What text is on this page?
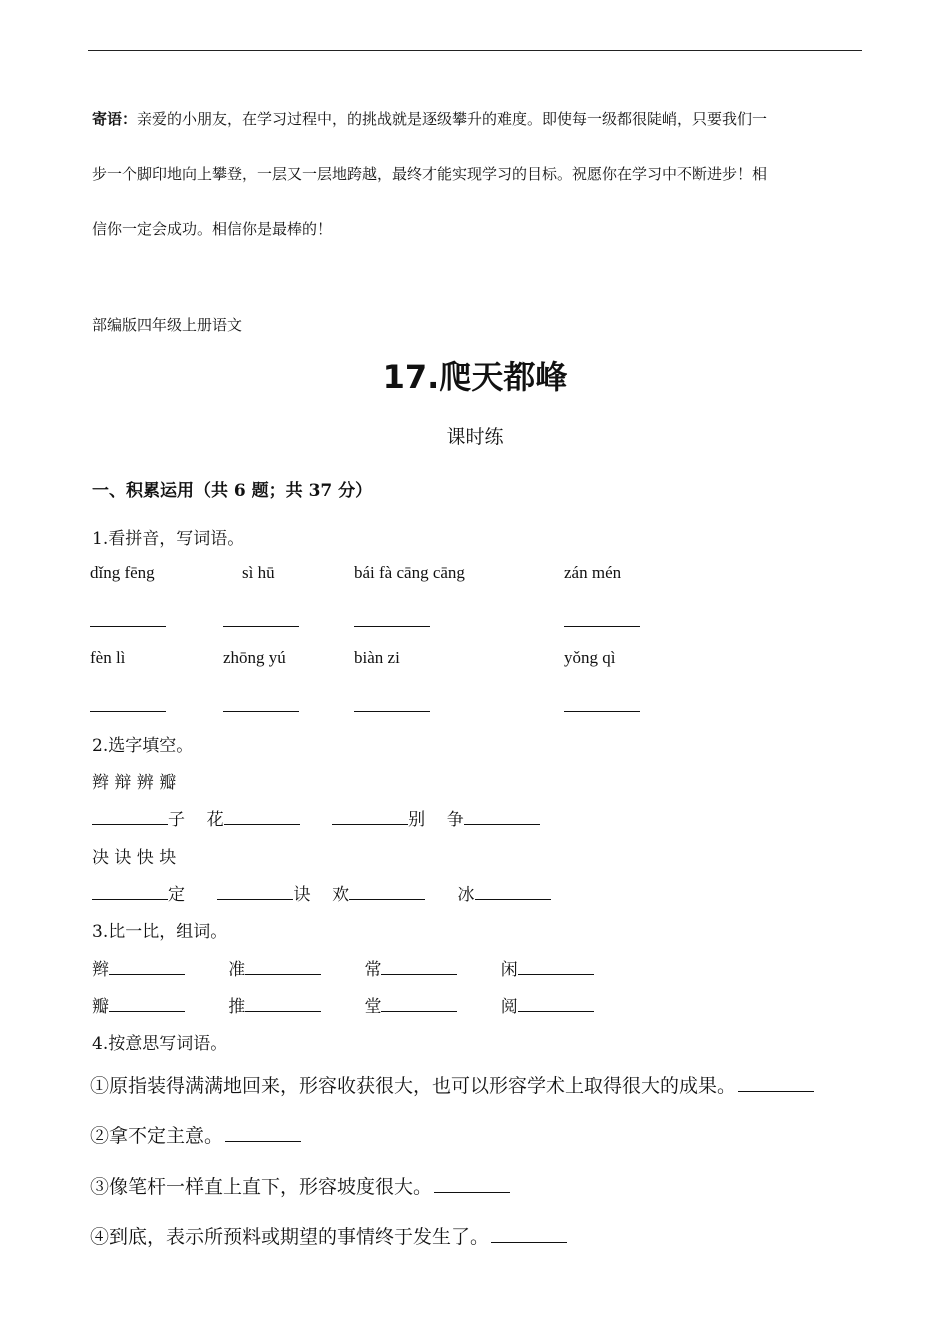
寄语：亲爱的小朋友，在学习过程中，的挑战就是逐级攀升的难度。即使每一级都很陡峭，只要我们一
步一个脚印地向上攀登，一层又一层地跨越，最终才能实现学习的目标。祝愿你在学习中不断进步！相
信你一定会成功。相信你是最棒的！
部编版四年级上册语文
17.爬天都峰
课时练
一、积累运用（共 6 题；共 37 分）
1.看拼音，写词语。
dǐng fēng	sì hū	bái fà cāng cāng	zán mén
fèn lì	zhōng yú	biàn zi	yǒng qì
2.选字填空。
辫 辩 辨 瓣
子 花	别 争
决 诀 快 块
定	诀 欢	冰
3.比一比，组词。
辫	准	常	闲
瓣	推	堂	阅
4.按意思写词语。
①原指装得满满地回来，形容收获很大，也可以形容学术上取得很大的成果。
②拿不定主意。
③像笔杆一样直上直下，形容坡度很大。
④到底，表示所预料或期望的事情终于发生了。
